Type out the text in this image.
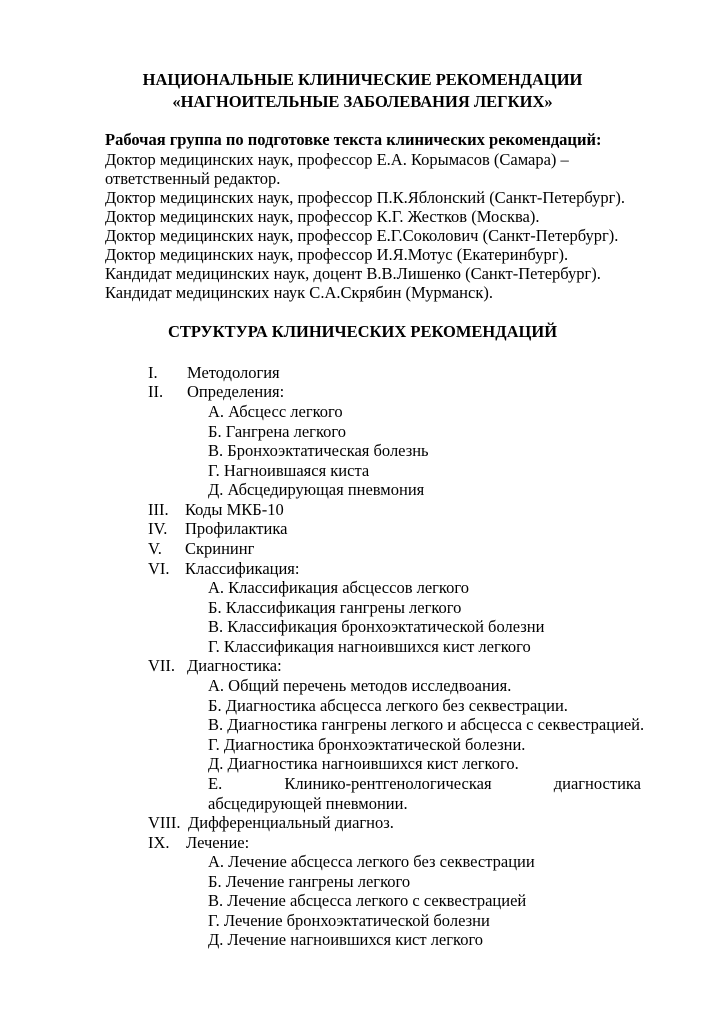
НАЦИОНАЛЬНЫЕ КЛИНИЧЕСКИЕ РЕКОМЕНДАЦИИ
«НАГНОИТЕЛЬНЫЕ ЗАБОЛЕВАНИЯ ЛЕГКИХ»
Рабочая группа по подготовке текста клинических рекомендаций:
Доктор медицинских наук, профессор Е.А. Корымасов (Самара) –
ответственный редактор.
Доктор медицинских наук, профессор П.К.Яблонский (Санкт-Петербург).
Доктор медицинских наук, профессор К.Г. Жестков (Москва).
Доктор медицинских наук, профессор Е.Г.Соколович (Санкт-Петербург).
Доктор медицинских наук, профессор И.Я.Мотус (Екатеринбург).
Кандидат медицинских наук, доцент В.В.Лишенко (Санкт-Петербург).
Кандидат медицинских наук С.А.Скрябин (Мурманск).
СТРУКТУРА КЛИНИЧЕСКИХ РЕКОМЕНДАЦИЙ
I. Методология
II. Определения:
А. Абсцесс легкого
Б. Гангрена легкого
В. Бронхоэктатическая болезнь
Г. Нагноившаяся киста
Д. Абсцедирующая пневмония
III. Коды МКБ-10
IV. Профилактика
V. Скрининг
VI. Классификация:
А. Классификация абсцессов легкого
Б. Классификация гангрены легкого
В. Классификация бронхоэктатической болезни
Г. Классификация нагноившихся кист легкого
VII. Диагностика:
А. Общий перечень методов исследвоания.
Б. Диагностика абсцесса легкого без секвестрации.
В. Диагностика гангрены легкого и абсцесса с секвестрацией.
Г. Диагностика бронхоэктатической болезни.
Д. Диагностика нагноившихся кист легкого.
Е. Клинико-рентгенологическая диагностика абсцедирующей пневмонии.
VIII. Дифференциальный диагноз.
IX. Лечение:
А. Лечение абсцесса легкого без секвестрации
Б. Лечение гангрены легкого
В. Лечение абсцесса легкого с секвестрацией
Г. Лечение бронхоэктатической болезни
Д. Лечение нагноившихся кист легкого
